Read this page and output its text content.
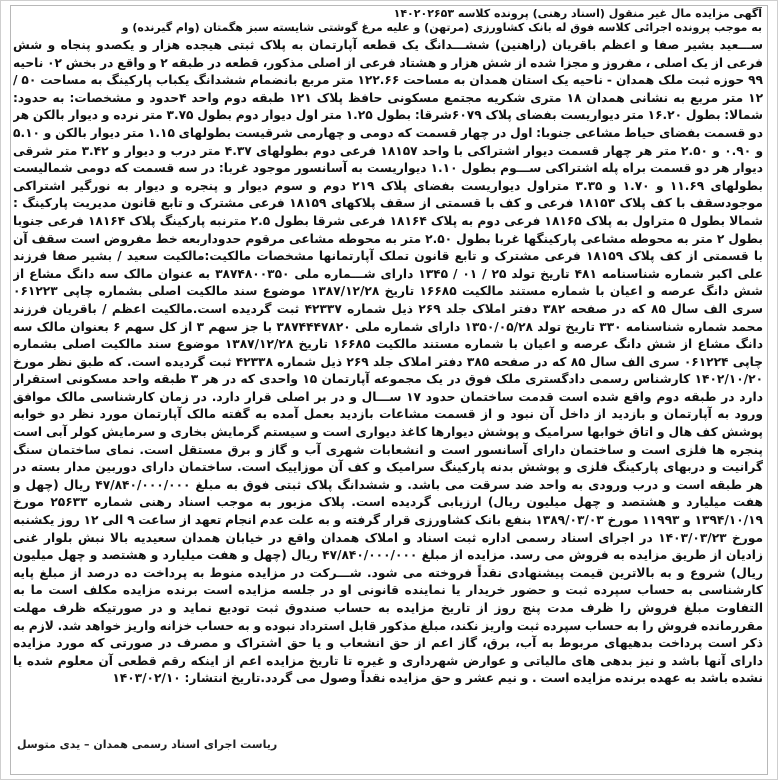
آگهی مزایده مال غیر منقول (اسناد رهنی) پرونده کلاسه ۱۴۰۲۰۲۶۵۳
به موجب پرونده اجرائی کلاسه فوق له بانک کشاورزی (مرتهن) و علیه مرغ گوشتی شایسته سبز هگمتان (وام گیرنده) و
ســـعید بشیر صفا و اعظم باقریان (راهنین) ششـــدانگ یک قطعه آپارتمان به پلاک ثبتی هیجده هزار و یکصدو پنجاه و شش فرعی از یک اصلی ، مفروز و مجزا شده از شش هزار و هشتاد فرعی از اصلی مذکور، قطعه در طبقه ۲ و واقع در بخش ۰۲ ناحیه ۹۹ حوزه ثبت ملک همدان - ناحیه یک استان همدان به مساحت ۱۲۲.۶۶ متر مربع بانضمام ششدانگ یکباب پارکینگ به مساحت ۵۰ / ۱۲ متر مربع به نشانی همدان ۱۸ متری شکریه مجتمع مسکونی حافظ پلاک ۱۲۱ طبقه دوم واحد ۴حدود و مشخصات: به حدود: شمالا: بطول ۱۶.۲۰ متر دیواریست بفضای پلاک ۶۰۷۹شرقا: بطول ۱.۲۵ متر اول دیوار دوم بطول ۳.۷۵ متر نرده و دیوار بالکن هر دو قسمت بفضای حیاط مشاعی جنوبا: اول در چهار قسمت که دومی و چهارمی شرقیست بطولهای ۱.۱۵ متر دیوار بالکن و ۵.۱۰ و ۰.۹۰ و ۲.۵۰ متر هر چهار قسمت دیوار اشتراکی با واحد ۱۸۱۵۷ فرعی دوم بطولهای ۴.۳۷ متر درب و دیوار و ۳.۴۲ متر شرقی دیوار هر دو قسمت براه پله اشتراکی ســـوم بطول ۱.۱۰ دیواریست به آسانسور موجود غربا: در سه قسمت که دومی شمالیست بطولهای ۱۱.۶۹ و ۱.۷۰ و ۳.۳۵ متراول دیواریست بفضای پلاک ۲۱۹ دوم و سوم دیوار و پنجره و دیوار به نورگیر اشتراکی موجودسقف با کف پلاک ۱۸۱۵۳ فرعی و کف با قسمتی از سقف پلاکهای ۱۸۱۵۹ فرعی مشترک و تابع قانون مدیریت پارکینگ : شمالا بطول ۵ متراول به پلاک ۱۸۱۶۵ فرعی دوم به پلاک ۱۸۱۶۴ فرعی شرقا بطول ۲.۵ مترنبه پارکینگ پلاک ۱۸۱۶۴ فرعی جنوبا بطول ۲ متر به محوطه مشاعی پارکینگها غربا بطول ۲.۵۰ متر به محوطه مشاعی مرقوم حدوداربعه خط مفروض است سقف آن با قسمتی از کف پلاک ۱۸۱۵۹ فرعی مشترک و تابع قانون تملک آپارتمانها مشخصات مالکیت:مالکیت سعید / بشیر صفا فرزند علی اکبر شماره شناسنامه ۴۸۱ تاریخ تولد ۲۵ / ۰۱ / ۱۳۴۵ دارای شـــماره ملی ۳۸۷۴۸۰۰۳۵۰ به عنوان مالک سه دانگ مشاع از شش دانگ عرصه و اعیان با شماره مستند مالکیت ۱۶۶۸۵ تاریخ ۱۳۸۷/۱۲/۲۸ موضوع سند مالکیت اصلی بشماره چاپی ۰۶۱۲۲۳ سری الف سال ۸۵ که در صفحه ۳۸۲ دفتر املاک جلد ۲۶۹ ذیل شماره ۴۲۳۳۷ ثبت گردیده است.مالکیت اعظم / باقریان فرزند محمد شماره شناسنامه ۳۳۰ تاریخ تولد ۱۳۵۰/۰۵/۲۸ دارای شماره ملی ۳۸۷۴۴۴۷۸۲۰ با جز سهم ۳ از کل سهم ۶ بعنوان مالک سه دانگ مشاع از شش دانگ عرصه و اعیان با شماره مستند مالکیت ۱۶۶۸۵ تاریخ ۱۳۸۷/۱۲/۲۸ موضوع سند مالکیت اصلی بشماره چاپی ۰۶۱۲۲۴ سری الف سال ۸۵ که در صفحه ۳۸۵ دفتر املاک جلد ۲۶۹ ذیل شماره ۴۲۳۳۸ ثبت گردیده است. که طبق نظر مورخ ۱۴۰۲/۱۰/۲۰ کارشناس رسمی دادگستری ملک فوق در یک مجموعه آپارتمان ۱۵ واحدی که در هر ۳ طبقه واحد مسکونی استقرار دارد در طبقه دوم واقع شده است قدمت ساختمان حدود ۱۷ ســـال و در بر اصلی قرار دارد. در زمان کارشناسی مالک موافق ورود به آپارتمان و بازدید از داخل آن نبود و از قسمت مشاعات بازدید بعمل آمده به گفته مالک آپارتمان مورد نظر دو خوابه پوشش کف هال و اتاق خوابها سرامیک و پوشش دیوارها کاغذ دیواری است و سیستم گرمایش بخاری و سرمایش کولر آبی است پنجره ها فلزی است و ساختمان دارای آسانسور است و انشعابات شهری آب و گاز و برق مستقل است. نمای ساختمان سنگ گرانیت و دربهای پارکینگ فلزی و پوشش بدنه پارکینگ سرامیک و کف آن موزاییک است. ساختمان دارای دوربین مدار بسته در هر طبقه است و درب ورودی به واحد ضد سرقت می باشد. و ششدانگ پلاک ثبتی فوق به مبلغ ۴۷/۸۴۰/۰۰۰/۰۰۰ ریال (چهل و هفت میلیارد و هشتصد و چهل میلیون ریال) ارزیابی گردیده است. پلاک مزبور به موجب اسناد رهنی شماره ۲۵۶۳۳ مورخ ۱۳۹۴/۱۰/۱۹ و ۱۱۹۹۳ مورخ ۱۳۸۹/۰۳/۰۳ بنفع بانک کشاورزی قرار گرفته و به علت عدم انجام تعهد از ساعت ۹ الی ۱۲ روز یکشنبه مورخ ۱۴۰۳/۰۳/۲۳ در اجرای اسناد رسمی اداره ثبت اسناد و املاک همدان واقع در خیابان همدان سعیدیه بالا نبش بلوار غنی زادیان از طریق مزایده به فروش می رسد. مزایده از مبلغ ۴۷/۸۴۰/۰۰۰/۰۰۰ ریال (چهل و هفت میلیارد و هشتصد و چهل میلیون ریال) شروع و به بالاترین قیمت پیشنهادی نقداً فروخته می شود. شـــرکت در مزایده منوط به پرداخت ده درصد از مبلغ پایه کارشناسی به حساب سپرده ثبت و حضور خریدار یا نماینده قانونی او در جلسه مزایده است برنده مزایده مکلف است ما به التفاوت مبلغ فروش را ظرف مدت پنج روز از تاریخ مزایده به حساب صندوق ثبت تودیع نماید و در صورتیکه ظرف مهلت مقررمانده فروش را به حساب سپرده ثبت واریز نکند، مبلغ مذکور قابل استرداد نبوده و به حساب خزانه واریز خواهد شد. لازم به ذکر است پرداخت بدهیهای مربوط به آب، برق، گاز اعم از حق انشعاب و یا حق اشتراک و مصرف در صورتی که مورد مزایده دارای آنها باشد و نیز بدهی های مالیاتی و عوارض شهرداری و غیره تا تاریخ مزایده اعم از اینکه رقم قطعی آن معلوم شده یا نشده باشد به عهده برنده مزایده است . و نیم عشر و حق مزایده نقداً وصول می گردد.تاریخ انتشار: ۱۴۰۳/۰۲/۱۰
ریاست اجرای اسناد رسمی همدان – یدی متوسل
